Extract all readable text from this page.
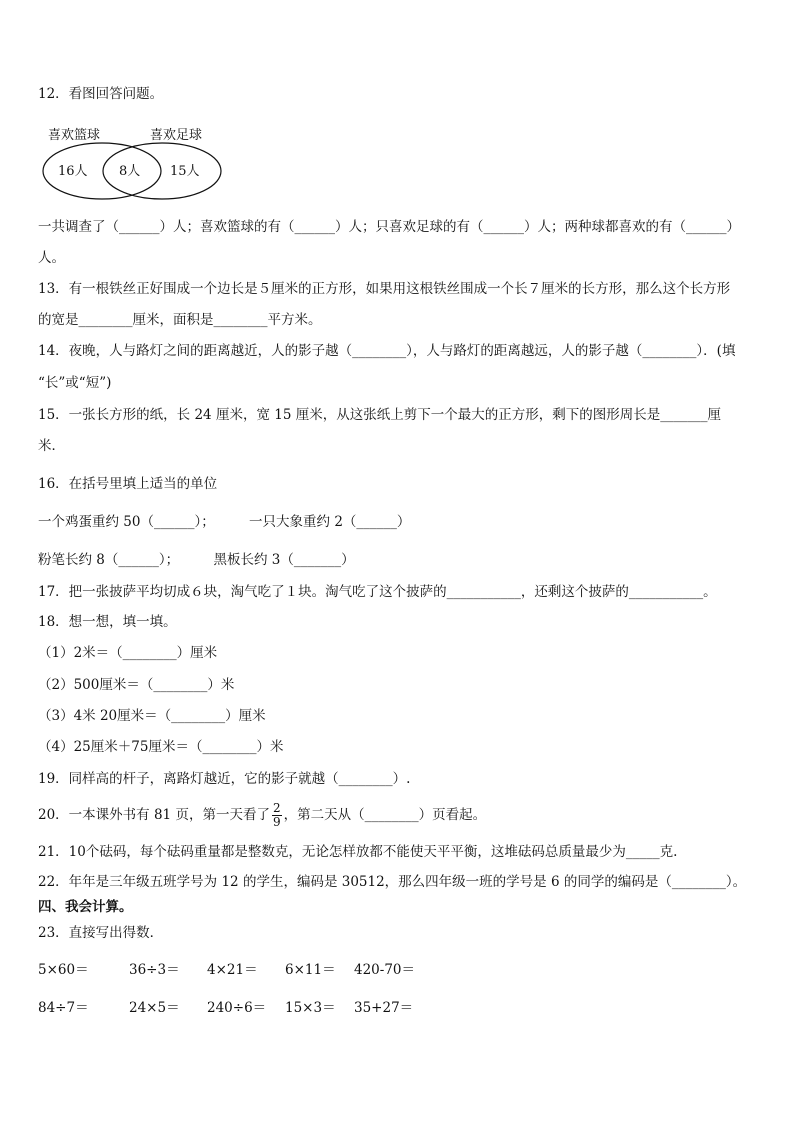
12．看图回答问题。
喜欢篮球	喜欢足球
16人 8人 15人
一共调查了（______）人；喜欢篮球的有（______）人；只喜欢足球的有（______）人；两种球都喜欢的有（______）
人。
13．有一根铁丝正好围成一个边长是５厘米的正方形，如果用这根铁丝围成一个长７厘米的长方形，那么这个长方形
的宽是________厘米，面积是________平方米。
14．夜晚，人与路灯之间的距离越近，人的影子越（________），人与路灯的距离越远，人的影子越（________）．(填
“长”或“短”)
15．一张长方形的纸，长 24 厘米，宽 15 厘米，从这张纸上剪下一个最大的正方形，剩下的图形周长是_______厘
米．
16．在括号里填上适当的单位
一个鸡蛋重约 50（______）；        一只大象重约 2（______）
粉笔长约 8（______）；        黑板长约 3（_______）
17．把一张披萨平均切成６块，淘气吃了１块。淘气吃了这个披萨的___________，还剩这个披萨的___________。
18．想一想，填一填。
（1）2米＝（________）厘米
（2）500厘米＝（________）米
（3）4米 20厘米＝（________）厘米
（4）25厘米＋75厘米＝（________）米
19．同样高的杆子，离路灯越近，它的影子就越（________）.
20．一本课外书有 81 页，第一天看了 $\frac{2}{9}$ ，第二天从（________）页看起。
21．10个砝码，每个砝码重量都是整数克，无论怎样放都不能使天平平衡，这堆砝码总质量最少为_____克.
22．年年是三年级五班学号为 12 的学生，编码是 30512，那么四年级一班的学号是 6 的同学的编码是（________）。
四、我会计算。
23．直接写出得数．
5×60＝	36÷3＝ 4×21＝ 6×11＝ 420-70＝
84÷7＝	24×5＝ 240÷6＝ 15×3＝ 35+27＝
